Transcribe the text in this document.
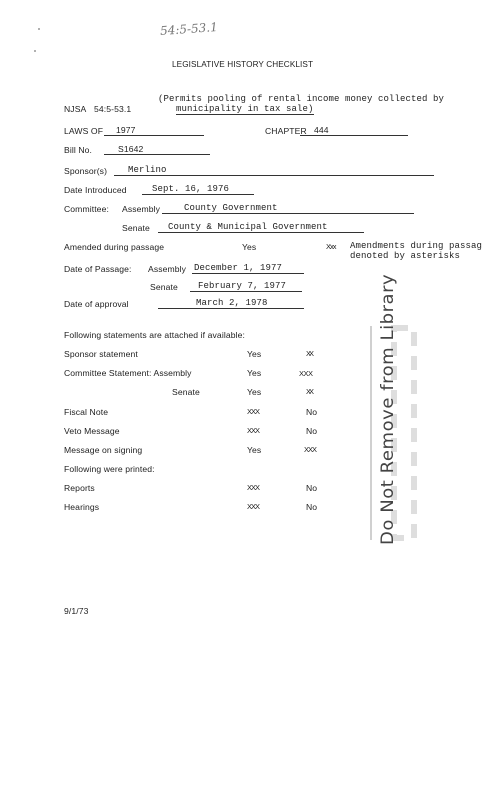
54:5-53.1
LEGISLATIVE HISTORY CHECKLIST
(Permits pooling of rental income money collected by
NJSA 54:5-53.1	municipality in tax sale)
LAWS OF 1977	CHAPTER 444
Bill No.	S1642
Sponsor(s) Merlino
Date Introduced	Sept. 16, 1976
Committee: Assembly	County Government
Senate County & Municipal Government
Amended during passage	Yes	Xxx Amendments during passag
denoted by asterisks
Date of Passage: Assembly December 1, 1977
Senate February 7, 1977
Date of approval	March 2, 1978
Following statements are attached if available:
Sponsor statement	Yes	XX
Committee Statement: Assembly	Yes	XXX
Senate	Yes	XX
Fiscal Note	XXX	No
Veto Message	XXX	No
Message on signing	Yes	XXX
Following were printed:
Reports	XXX	No
Hearings	XXX	No	Do Not Remove from Library
9/1/73
